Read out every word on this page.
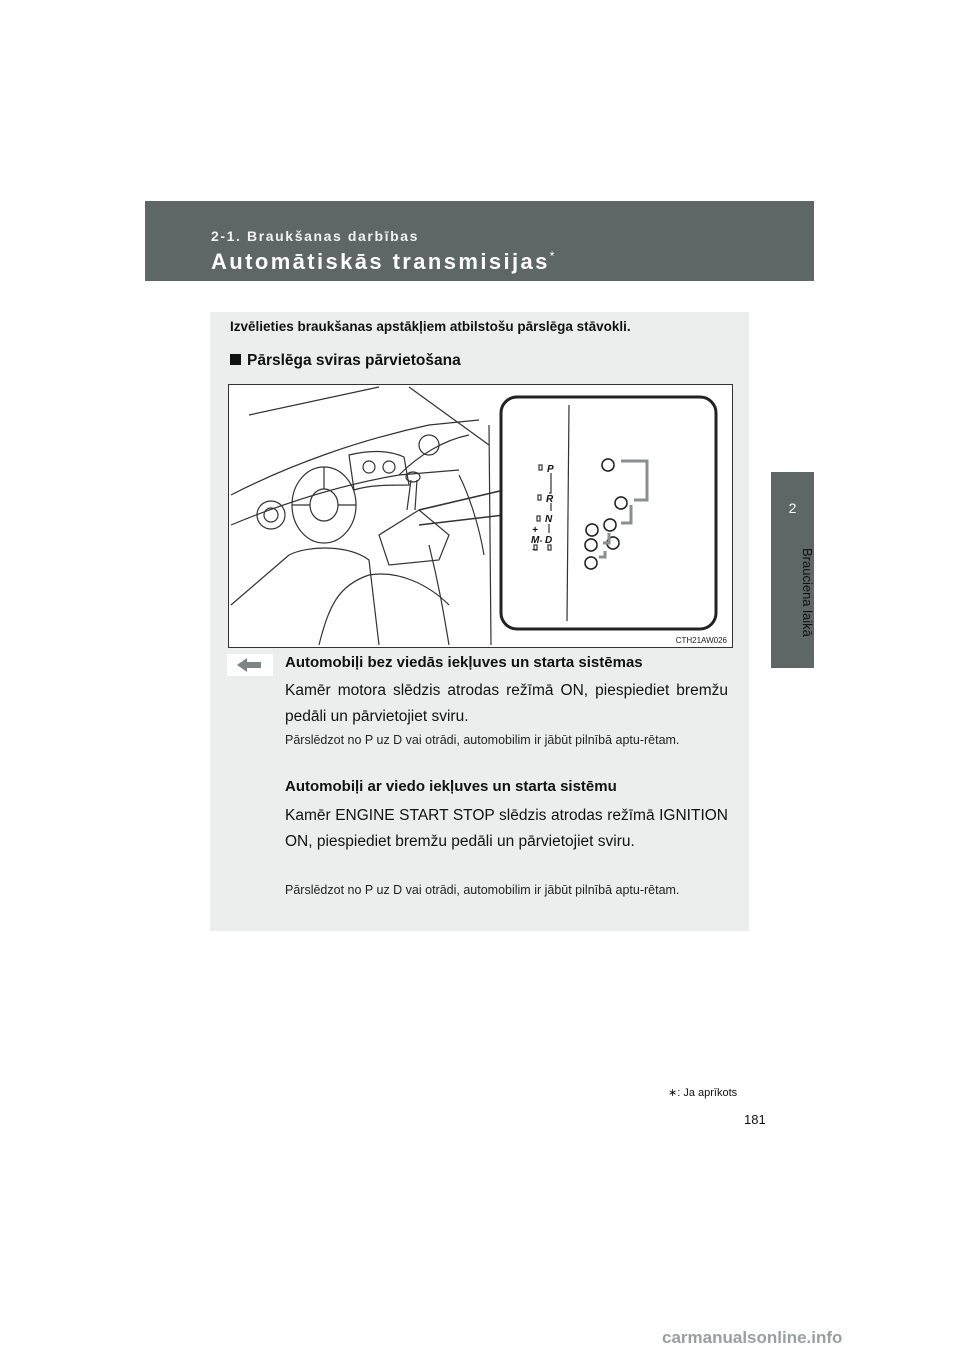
2-1. Braukšanas darbības
Automātiskās transmisijas*
2
Brauciena laikā
Izvēlieties braukšanas apstākļiem atbilstošu pārslēga stāvokli.
Pārslēga sviras pārvietošana
P
R
N
D
M
+
−
CTH21AW026
Automobiļi bez viedās iekļuves un starta sistēmas
Kamēr motora slēdzis atrodas režīmā ON, piespiediet bremžu pedāli un pārvietojiet sviru.
Pārslēdzot no P uz D vai otrādi, automobilim ir jābūt pilnībā aptu-rētam.
Automobiļi ar viedo iekļuves un starta sistēmu
Kamēr ENGINE START STOP slēdzis atrodas režīmā IGNITION ON, piespiediet bremžu pedāli un pārvietojiet sviru.
Pārslēdzot no P uz D vai otrādi, automobilim ir jābūt pilnībā aptu-rētam.
∗: Ja aprīkots
181
carmanualsonline.info
